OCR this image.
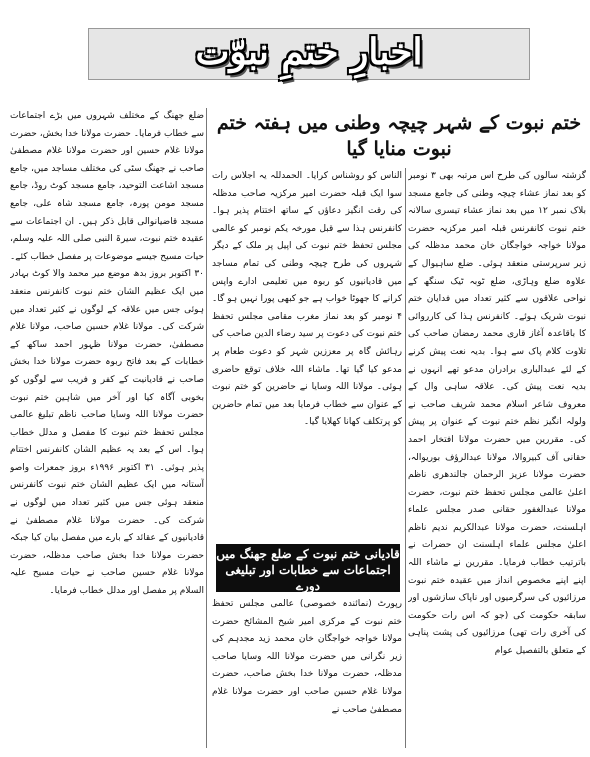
اخبارِ ختمِ نبوّت
ختم نبوت کے شہر چیچہ وطنی میں ہفتہ ختم نبوت منایا گیا

گزشتہ سالوں کی طرح اس مرتبہ بھی ۳ نومبر کو بعد نماز عشاء چیچہ وطنی کی جامع مسجد بلاک نمبر ۱۲ میں بعد نماز عشاء تیسری سالانہ ختم نبوت کانفرنس قبلہ امیر مرکزیہ حضرت مولانا خواجہ خواجگان خان محمد مدظلہ کی زیر سرپرستی منعقد ہوئی۔ ضلع ساہیوال کے علاوہ ضلع وہاڑی، ضلع ٹوبہ ٹیک سنگھ کے نواحی علاقوں سے کثیر تعداد میں فدایان ختم نبوت شریک ہوئے۔ کانفرنس ہذا کی کارروائی کا باقاعدہ آغاز قاری محمد رمضان صاحب کی تلاوت کلام پاک سے ہوا۔ بدیہ نعت پیش کرنے کے لئے عبدالباری برادران مدعو تھے انہوں نے بدیہ نعت پیش کی۔ علاقہ ساہی وال کے معروف شاعر اسلام محمد شریف صاحب نے ولولہ انگیز نظم ختم نبوت کے عنوان پر پیش کی۔ مقررین میں حضرت مولانا افتخار احمد حقانی آف کبیروالا، مولانا عبدالرؤف بوریوالہ، حضرت مولانا عزیز الرحمان جالندھری ناظم اعلیٰ عالمی مجلس تحفظ ختم نبوت، حضرت مولانا عبدالغفور حقانی صدر مجلس علماء اہلسنت، حضرت مولانا عبدالکریم ندیم ناظم اعلیٰ مجلس علماء اہلسنت ان حضرات نے باترتیب خطاب فرمایا۔ مقررین نے ماشاء اللہ اپنے اپنے مخصوص انداز میں عقیدہ ختم نبوت مرزائیوں کی سرگرمیوں اور ناپاک سازشوں اور سابقہ حکومت کی (جو کہ اس رات حکومت کی آخری رات تھی) مرزائیوں کی پشت پناہی کے متعلق بالتفصیل عوام

الناس کو روشناس کرایا۔ الحمدللہ یہ اجلاس رات سوا ایک قبلہ حضرت امیر مرکزیہ صاحب مدظلہ کی رقت انگیز دعاؤں کے ساتھ اختتام پذیر ہوا۔ کانفرنس ہذا سے قبل مورخہ یکم نومبر کو عالمی مجلس تحفظ ختم نبوت کی اپیل پر ملک کے دیگر شہروں کی طرح چیچہ وطنی کی تمام مساجد میں قادیانیوں کو ربوہ میں تعلیمی ادارے واپس کرانے کا جھوٹا خواب ہے جو کبھی پورا نہیں ہو گا۔ ۴ نومبر کو بعد نماز مغرب مقامی مجلس تحفظ ختم نبوت کی دعوت پر سید رضاء الدین صاحب کی رہائش گاہ پر معززین شہر کو دعوت طعام پر مدعو کیا گیا تھا۔ ماشاء اللہ خلاف توقع حاضری ہوئی۔ مولانا اللہ وسایا نے حاضرین کو ختم نبوت کے عنوان سے خطاب فرمایا بعد میں تمام حاضرین کو پرتکلف کھانا کھلایا گیا۔

قادیانی ختم نبوت کے ضلع جھنگ میں اجتماعات سے خطابات اور تبلیغی دورے

رپورٹ (نمائندہ خصوصی) عالمی مجلس تحفظ ختم نبوت کے مرکزی امیر شیخ المشائخ حضرت مولانا خواجہ خواجگان خان محمد زید مجدہم کی زیر نگرانی میں حضرت مولانا اللہ وسایا صاحب مدظلہ، حضرت مولانا خدا بخش صاحب، حضرت مولانا غلام حسین صاحب اور حضرت مولانا غلام مصطفیٰ صاحب نے

ضلع جھنگ کے مختلف شہروں میں بڑے اجتماعات سے خطاب فرمایا۔ حضرت مولانا خدا بخش، حضرت مولانا غلام حسین اور حضرت مولانا غلام مصطفیٰ صاحب نے جھنگ سٹی کی مختلف مساجد میں، جامع مسجد اشاعت التوحید، جامع مسجد کوٹ روڈ، جامع مسجد مومن پورہ، جامع مسجد شاہ علی، جامع مسجد قاضیانوالی قابل ذکر ہیں۔ ان اجتماعات سے عقیدہ ختم نبوت، سیرۃ النبی صلی اللہ علیہ وسلم، حیات مسیح جیسے موضوعات پر مفصل خطاب کئے۔ ۳۰ اکتوبر بروز بدھ موضع میر محمد والا کوٹ بہادر میں ایک عظیم الشان ختم نبوت کانفرنس منعقد ہوئی جس میں علاقہ کے لوگوں نے کثیر تعداد میں شرکت کی۔ مولانا غلام حسین صاحب، مولانا غلام مصطفیٰ، حضرت مولانا ظہور احمد ساکھ کے خطابات کے بعد فاتح ربوہ حضرت مولانا خدا بخش صاحب نے قادیانیت کے کفر و فریب سے لوگوں کو بخوبی آگاہ کیا اور آخر میں شاہین ختم نبوت حضرت مولانا اللہ وسایا صاحب ناظم تبلیغ عالمی مجلس تحفظ ختم نبوت کا مفصل و مدلل خطاب ہوا۔ اس کے بعد یہ عظیم الشان کانفرنس اختتام پذیر ہوئی۔ ۳۱ اکتوبر ۱۹۹۶ء بروز جمعرات واصو آستانہ میں ایک عظیم الشان ختم نبوت کانفرنس منعقد ہوئی جس میں کثیر تعداد میں لوگوں نے شرکت کی۔ حضرت مولانا غلام مصطفیٰ نے قادیانیوں کے عقائد کے بارے میں مفصل بیان کیا جبکہ حضرت مولانا خدا بخش صاحب مدظلہ، حضرت مولانا غلام حسین صاحب نے حیات مسیح علیہ السلام پر مفصل اور مدلل خطاب فرمایا۔
